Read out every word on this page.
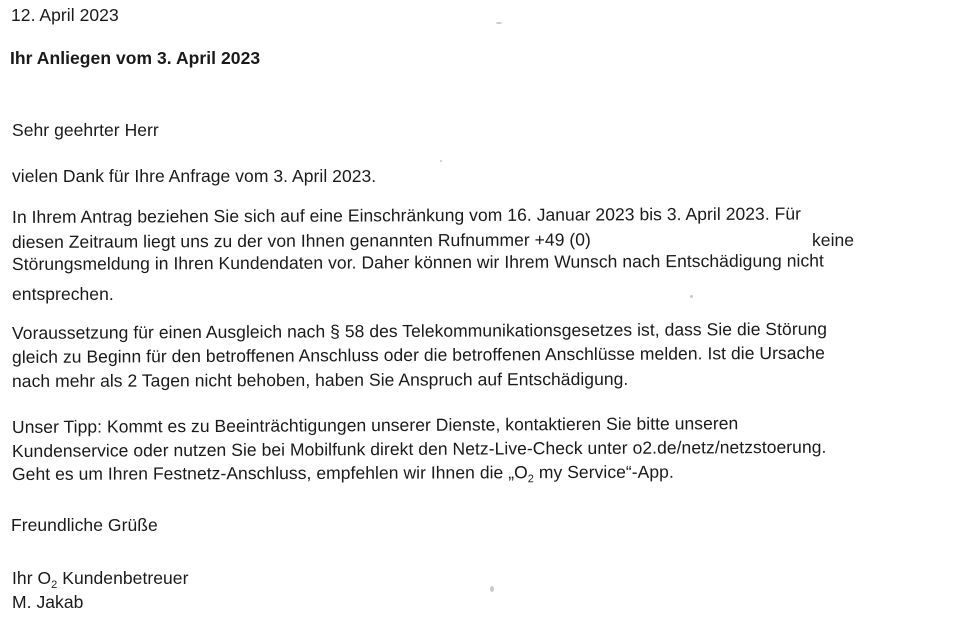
12. April 2023
Ihr Anliegen vom 3. April 2023
Sehr geehrter Herr
vielen Dank für Ihre Anfrage vom 3. April 2023.
In Ihrem Antrag beziehen Sie sich auf eine Einschränkung vom 16. Januar 2023 bis 3. April 2023. Für
diesen Zeitraum liegt uns zu der von Ihnen genannten Rufnummer +49 (0)	keine
Störungsmeldung in Ihren Kundendaten vor. Daher können wir Ihrem Wunsch nach Entschädigung nicht
entsprechen.
Voraussetzung für einen Ausgleich nach § 58 des Telekommunikationsgesetzes ist, dass Sie die Störung
gleich zu Beginn für den betroffenen Anschluss oder die betroffenen Anschlüsse melden. Ist die Ursache
nach mehr als 2 Tagen nicht behoben, haben Sie Anspruch auf Entschädigung.
Unser Tipp: Kommt es zu Beeinträchtigungen unserer Dienste, kontaktieren Sie bitte unseren
Kundenservice oder nutzen Sie bei Mobilfunk direkt den Netz-Live-Check unter o2.de/netz/netzstoerung.
Geht es um Ihren Festnetz-Anschluss, empfehlen wir Ihnen die $„O_2$ my Service“-App.
Freundliche Grüße
Ihr $O_2$ Kundenbetreuer
M. Jakab
